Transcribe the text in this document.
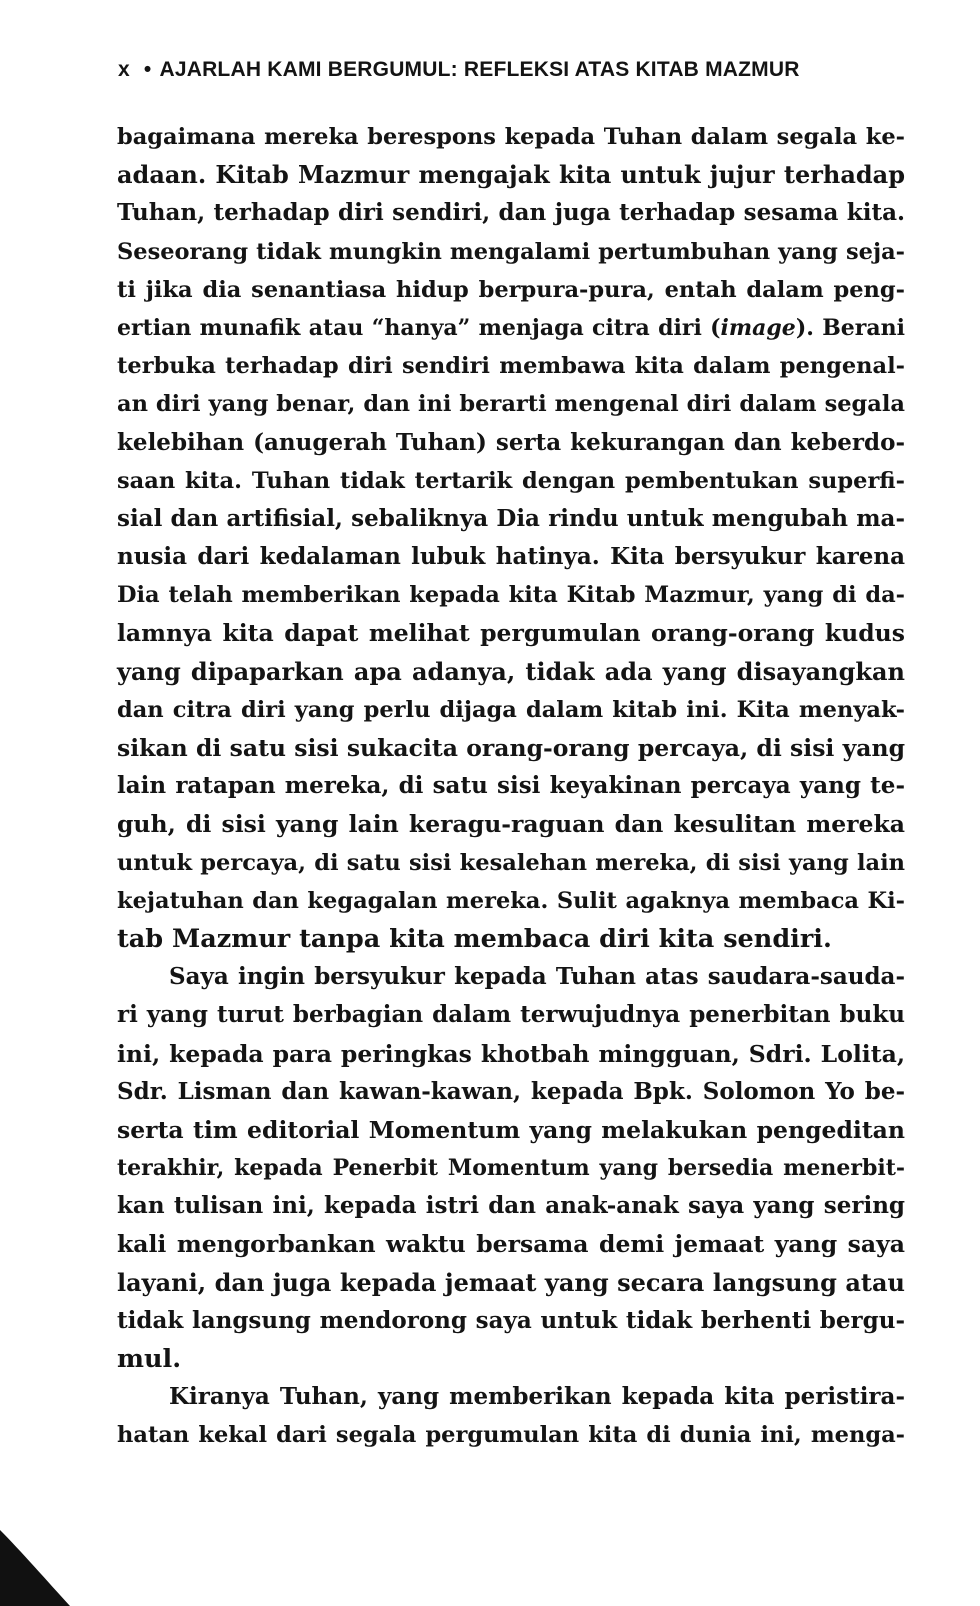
x • AJARLAH KAMI BERGUMUL: REFLEKSI ATAS KITAB MAZMUR
bagaimana mereka berespons kepada Tuhan dalam segala ke-
adaan. Kitab Mazmur mengajak kita untuk jujur terhadap
Tuhan, terhadap diri sendiri, dan juga terhadap sesama kita.
Seseorang tidak mungkin mengalami pertumbuhan yang seja-
ti jika dia senantiasa hidup berpura-pura, entah dalam peng-
ertian munafik atau “hanya” menjaga citra diri (image). Berani
terbuka terhadap diri sendiri membawa kita dalam pengenal-
an diri yang benar, dan ini berarti mengenal diri dalam segala
kelebihan (anugerah Tuhan) serta kekurangan dan keberdo-
saan kita. Tuhan tidak tertarik dengan pembentukan superfi-
sial dan artifisial, sebaliknya Dia rindu untuk mengubah ma-
nusia dari kedalaman lubuk hatinya. Kita bersyukur karena
Dia telah memberikan kepada kita Kitab Mazmur, yang di da-
lamnya kita dapat melihat pergumulan orang-orang kudus
yang dipaparkan apa adanya, tidak ada yang disayangkan
dan citra diri yang perlu dijaga dalam kitab ini. Kita menyak-
sikan di satu sisi sukacita orang-orang percaya, di sisi yang
lain ratapan mereka, di satu sisi keyakinan percaya yang te-
guh, di sisi yang lain keragu-raguan dan kesulitan mereka
untuk percaya, di satu sisi kesalehan mereka, di sisi yang lain
kejatuhan dan kegagalan mereka. Sulit agaknya membaca Ki-
tab Mazmur tanpa kita membaca diri kita sendiri.
Saya ingin bersyukur kepada Tuhan atas saudara-sauda-
ri yang turut berbagian dalam terwujudnya penerbitan buku
ini, kepada para peringkas khotbah mingguan, Sdri. Lolita,
Sdr. Lisman dan kawan-kawan, kepada Bpk. Solomon Yo be-
serta tim editorial Momentum yang melakukan pengeditan
terakhir, kepada Penerbit Momentum yang bersedia menerbit-
kan tulisan ini, kepada istri dan anak-anak saya yang sering
kali mengorbankan waktu bersama demi jemaat yang saya
layani, dan juga kepada jemaat yang secara langsung atau
tidak langsung mendorong saya untuk tidak berhenti bergu-
mul.
Kiranya Tuhan, yang memberikan kepada kita peristira-
hatan kekal dari segala pergumulan kita di dunia ini, menga-
